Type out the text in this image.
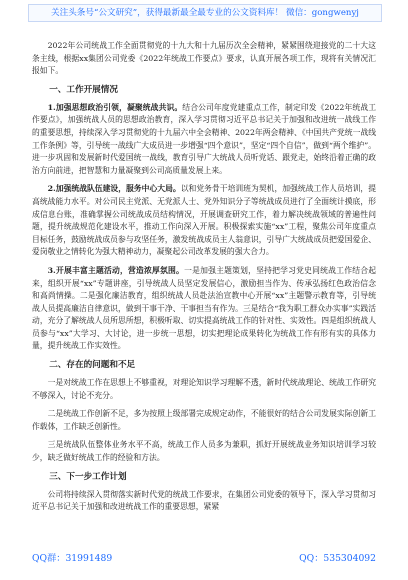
关注头条号“公文研究”，获得最新最全最专业的公文资料库！ 微信：gongwenyj

2022年公司统战工作全面贯彻党的十九大和十九届历次全会精神，紧紧围绕迎接党的二十大这条主线，根据xx集团公司党委《2022年统战工作要点》要求，认真开展各项工作，现将有关情况汇报如下。

一、工作开展情况

1.加强思想政治引领，凝聚统战共识。结合公司年度党建重点工作，制定印发《2022年统战工作要点》，加强统战人员的思想政治教育，深入学习贯彻习近平总书记关于加强和改进统一战线工作的重要思想，持续深入学习贯彻党的十九届六中全会精神、2022年两会精神、《中国共产党统一战线工作条例》等，引导统一战线广大成员进一步增强“四个意识”，坚定“四个自信”，做到“两个维护”。进一步巩固和发展新时代爱国统一战线，教育引导广大统战人员听党话、跟党走，始终沿着正确的政治方向前进，把智慧和力量凝聚到公司高质量发展上来。

2.加强统战队伍建设，服务中心大局。以和党务骨干培训班为契机，加强统战工作人员培训，提高统战能力水平。对公司民主党派、无党派人士、党外知识分子等统战成员进行了全面统计摸底，形成信息台账，准确掌握公司统战成员结构情况，开展调查研究工作，着力解决统战领域的普遍性问题，提升统战规范化建设水平，推动工作向深入开展。积极探索实施“xx”工程，聚焦公司年度重点目标任务，鼓励统战成员参与攻坚任务，激发统战成员主人翁意识，引导广大统战成员把爱国爱企、爱岗敬业之情转化为强大精神动力，凝聚起公司改革发展的强大合力。

3.开展丰富主题活动，营造浓厚氛围。一是加强主题策划，坚持把学习党史同统战工作结合起来，组织开展“xx”专题讲座，引导统战人员坚定发展信心，激励担当作为、传承弘扬红色政治信念和高尚情操。二是强化廉洁教育，组织统战人员赴法治宣教中心开展“xx”主题警示教育等，引导统战人员提高廉洁自律意识，做到干事干净、干事担当有作为。三是结合“我为职工群众办实事”实践活动，充分了解统战人员所思所想，积极听取、切实提高统战工作的针对性、实效性。四是组织统战人员参与“xx”大学习、大讨论，进一步统一思想，切实把理论成果转化为统战工作有形有实的具体力量，提升统战工作实效性。

二、存在的问题和不足

一是对统战工作在思想上不够重视，对理论知识学习理解不透，新时代统战理论、统战工作研究不够深入，讨论不充分。

二是统战工作创新不足，多为按照上级部署完成规定动作，不能很好的结合公司发展实际创新工作载体，工作缺乏创新性。

三是统战队伍整体业务水平不高，统战工作人员多为兼职，抓好开展统战业务知识培训学习较少，缺乏做好统战工作的经验和方法。

三、下一步工作计划

公司将持续深入贯彻落实新时代党的统战工作要求，在集团公司党委的领导下，深入学习贯彻习近平总书记关于加强和改进统战工作的重要思想，紧紧

QQ群：31991489	QQ：535304092
